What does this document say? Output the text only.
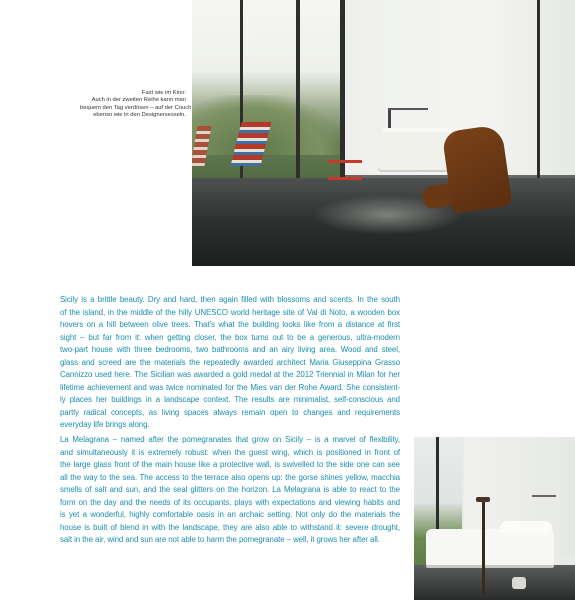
Fast wie im Kino:
Auch in der zweiten Reihe kann man
bequem den Tag verdösen – auf der Couch
ebenso wie in den Designersesseln.
Sicily is a brittle beauty. Dry and hard, then again filled with blossoms and scents. In the south
of the island, in the middle of the hilly UNESCO world heritage site of Val di Noto, a wooden box
hovers on a hill between olive trees. That’s what the building looks like from a distance at first
sight – but far from it: when getting closer, the box turns out to be a generous, ultra-modern
two-part house with three bedrooms, two bathrooms and an airy living area. Wood and steel,
glass and screed are the materials the repeatedly awarded architect Maria Giuseppina Grasso
Cannizzo used here. The Sicilian was awarded a gold medal at the 2012 Triennial in Milan for her
lifetime achievement and was twice nominated for the Mies van der Rohe Award. She consistent-
ly places her buildings in a landscape context. The results are minimalist, self-conscious and
partly radical concepts, as living spaces always remain open to changes and requirements
everyday life brings along.
La Melagrana – named after the pomegranates that grow on Sicily – is a marvel of flexibility,
and simultaneously it is extremely robust: when the guest wing, which is positioned in front of
the large glass front of the main house like a protective wall, is swivelled to the side one can see
all the way to the sea. The access to the terrace also opens up: the gorse shines yellow, macchia
smells of salt and sun, and the seal glitters on the horizon. La Melagrana is able to react to the
form on the day and the needs of its occupants, plays with expectations and viewing habits and
is yet a wonderful, highly comfortable oasis in an archaic setting. Not only do the materials the
house is built of blend in with the landscape, they are also able to withstand it: severe drought,
salt in the air, wind and sun are not able to harm the pomegranate – well, it grows her after all.
